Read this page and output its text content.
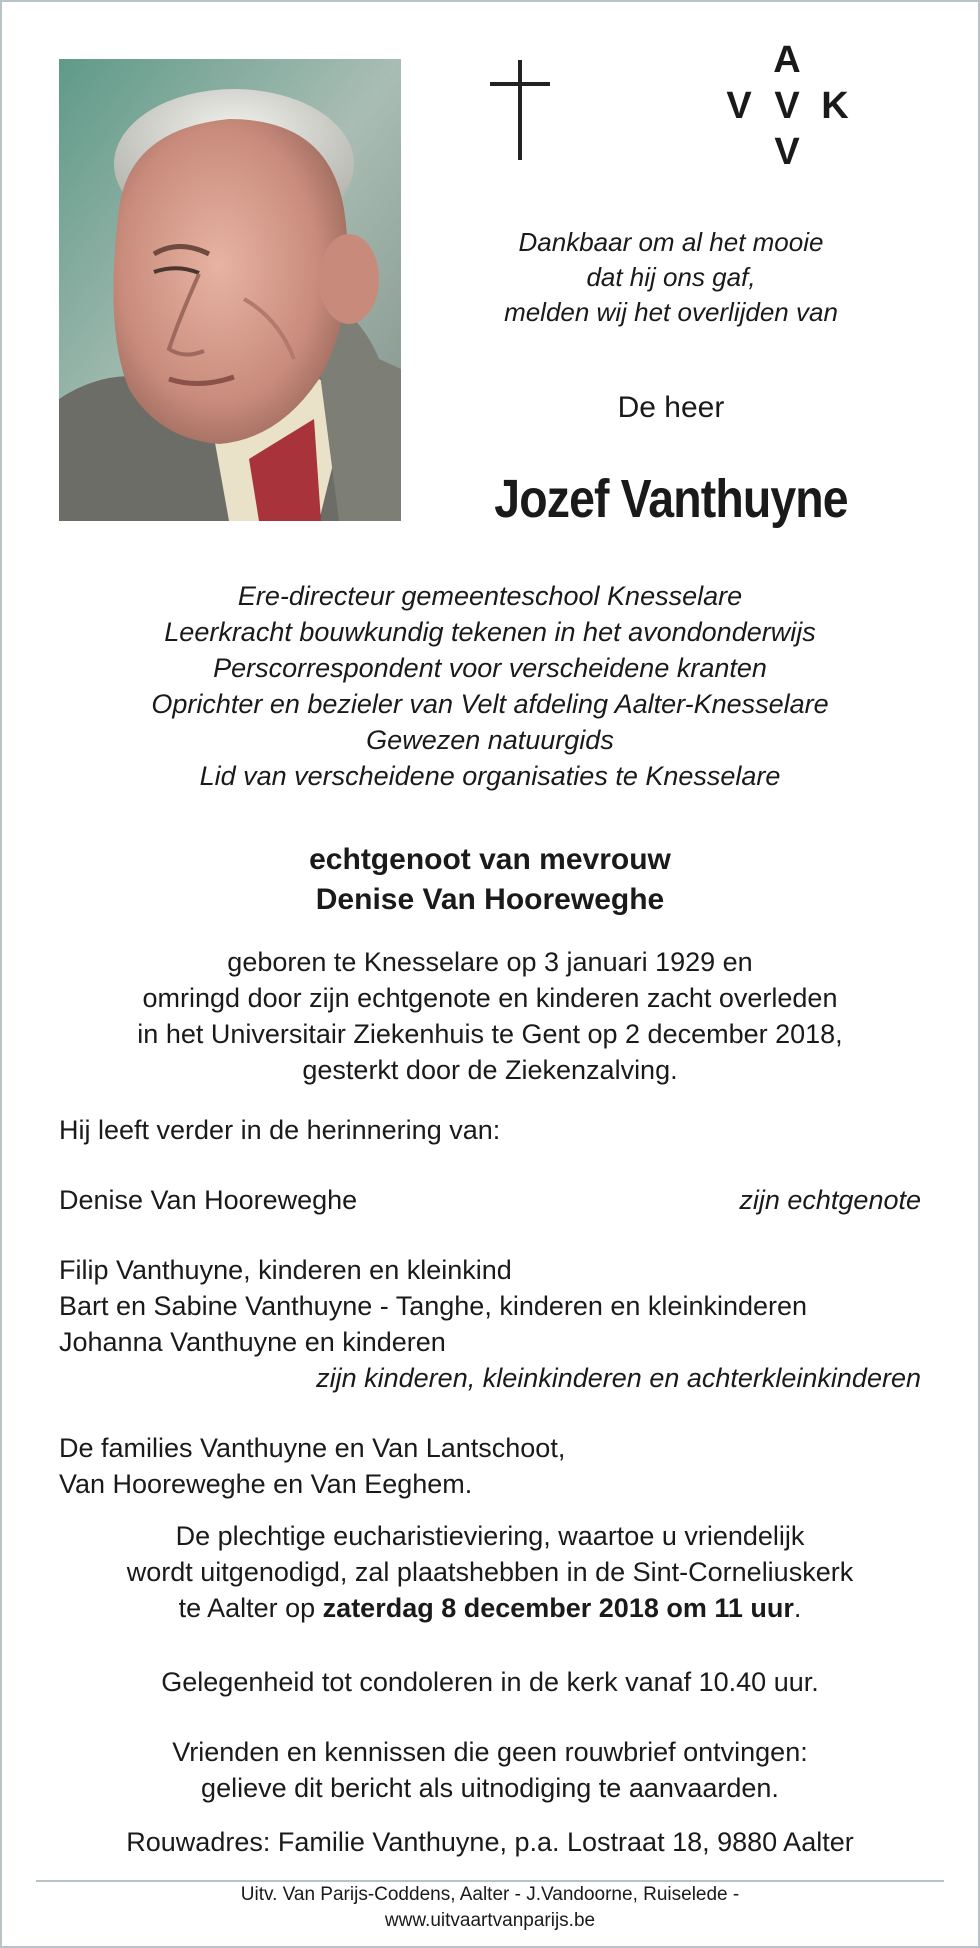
A
V V K
V
Dankbaar om al het mooie
dat hij ons gaf,
melden wij het overlijden van
De heer
Jozef Vanthuyne
Ere-directeur gemeenteschool Knesselare
Leerkracht bouwkundig tekenen in het avondonderwijs
Perscorrespondent voor verscheidene kranten
Oprichter en bezieler van Velt afdeling Aalter-Knesselare
Gewezen natuurgids
Lid van verscheidene organisaties te Knesselare
echtgenoot van mevrouw
Denise Van Hooreweghe
geboren te Knesselare op 3 januari 1929 en
omringd door zijn echtgenote en kinderen zacht overleden
in het Universitair Ziekenhuis te Gent op 2 december 2018,
gesterkt door de Ziekenzalving.
Hij leeft verder in de herinnering van:
Denise Van Hooreweghe	zijn echtgenote
Filip Vanthuyne, kinderen en kleinkind
Bart en Sabine Vanthuyne - Tanghe, kinderen en kleinkinderen
Johanna Vanthuyne en kinderen
zijn kinderen, kleinkinderen en achterkleinkinderen
De families Vanthuyne en Van Lantschoot,
Van Hooreweghe en Van Eeghem.
De plechtige eucharistieviering, waartoe u vriendelijk
wordt uitgenodigd, zal plaatshebben in de Sint-Corneliuskerk
te Aalter op zaterdag 8 december 2018 om 11 uur.
Gelegenheid tot condoleren in de kerk vanaf 10.40 uur.
Vrienden en kennissen die geen rouwbrief ontvingen:
gelieve dit bericht als uitnodiging te aanvaarden.
Rouwadres: Familie Vanthuyne, p.a. Lostraat 18, 9880 Aalter
Uitv. Van Parijs-Coddens, Aalter - J.Vandoorne, Ruiselede -
www.uitvaartvanparijs.be
